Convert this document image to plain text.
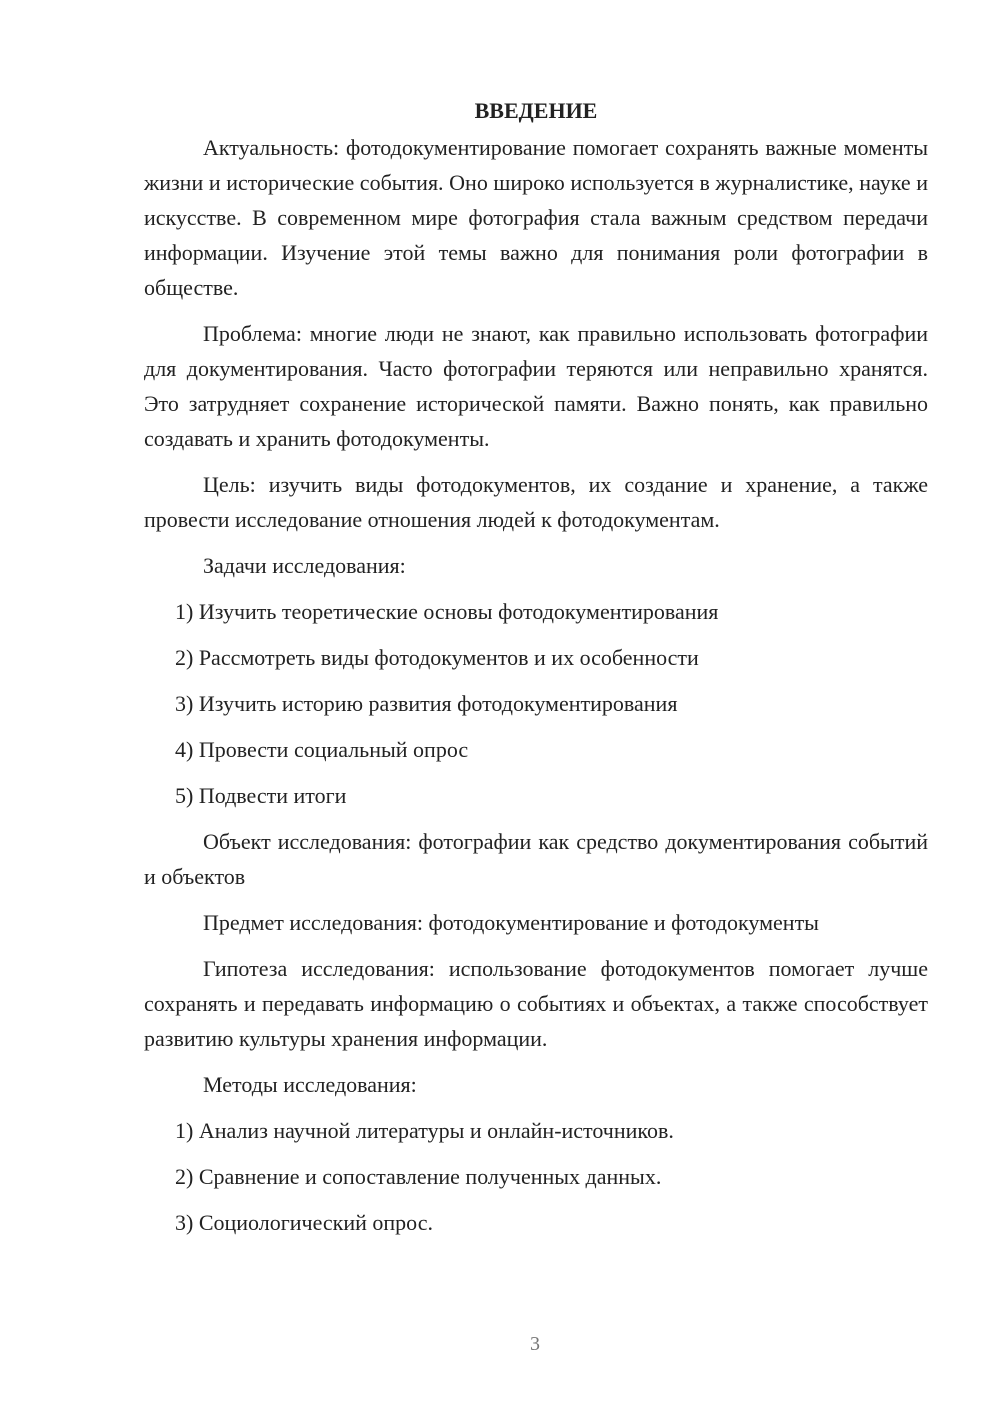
ВВЕДЕНИЕ

Актуальность: фотодокументирование помогает сохранять важные моменты жизни и исторические события. Оно широко используется в журналистике, науке и искусстве. В современном мире фотография стала важным средством передачи информации. Изучение этой темы важно для понимания роли фотографии в обществе.

Проблема: многие люди не знают, как правильно использовать фотографии для документирования. Часто фотографии теряются или неправильно хранятся. Это затрудняет сохранение исторической памяти. Важно понять, как правильно создавать и хранить фотодокументы.

Цель: изучить виды фотодокументов, их создание и хранение, а также провести исследование отношения людей к фотодокументам.

Задачи исследования:

1) Изучить теоретические основы фотодокументирования
2) Рассмотреть виды фотодокументов и их особенности
3) Изучить историю развития фотодокументирования
4) Провести социальный опрос
5) Подвести итоги

Объект исследования: фотографии как средство документирования событий и объектов

Предмет исследования: фотодокументирование и фотодокументы

Гипотеза исследования: использование фотодокументов помогает лучше сохранять и передавать информацию о событиях и объектах, а также способствует развитию культуры хранения информации.

Методы исследования:

1) Анализ научной литературы и онлайн-источников.
2) Сравнение и сопоставление полученных данных.
3) Социологический опрос.
3
